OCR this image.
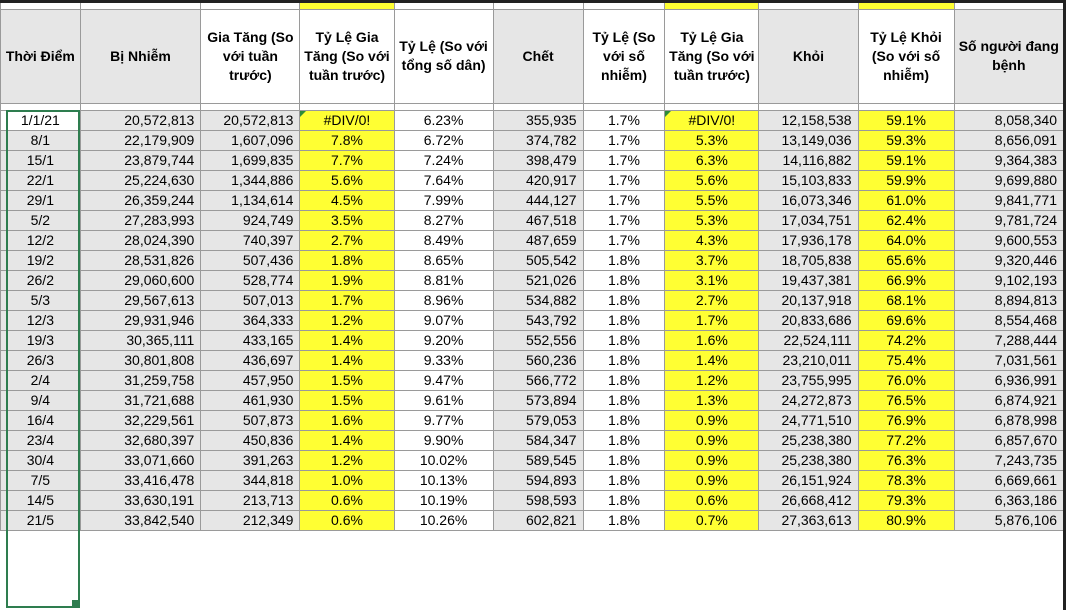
Thời Điểm	Bị Nhiễm	Gia Tăng (So với tuần trước)	Tỷ Lệ Gia Tăng (So với tuần trước)	Tỷ Lệ (So với tổng số dân)	Chết	Tỷ Lệ (So với số nhiễm)	Tỷ Lệ Gia Tăng (So với tuần trước)	Khỏi	Tỷ Lệ Khỏi (So với số nhiễm)	Số người đang bệnh

1/1/21	20,572,813	20,572,813	#DIV/0!	6.23%	355,935	1.7%	#DIV/0!	12,158,538	59.1%	8,058,340
8/1	22,179,909	1,607,096	7.8%	6.72%	374,782	1.7%	5.3%	13,149,036	59.3%	8,656,091
15/1	23,879,744	1,699,835	7.7%	7.24%	398,479	1.7%	6.3%	14,116,882	59.1%	9,364,383
22/1	25,224,630	1,344,886	5.6%	7.64%	420,917	1.7%	5.6%	15,103,833	59.9%	9,699,880
29/1	26,359,244	1,134,614	4.5%	7.99%	444,127	1.7%	5.5%	16,073,346	61.0%	9,841,771
5/2	27,283,993	924,749	3.5%	8.27%	467,518	1.7%	5.3%	17,034,751	62.4%	9,781,724
12/2	28,024,390	740,397	2.7%	8.49%	487,659	1.7%	4.3%	17,936,178	64.0%	9,600,553
19/2	28,531,826	507,436	1.8%	8.65%	505,542	1.8%	3.7%	18,705,838	65.6%	9,320,446
26/2	29,060,600	528,774	1.9%	8.81%	521,026	1.8%	3.1%	19,437,381	66.9%	9,102,193
5/3	29,567,613	507,013	1.7%	8.96%	534,882	1.8%	2.7%	20,137,918	68.1%	8,894,813
12/3	29,931,946	364,333	1.2%	9.07%	543,792	1.8%	1.7%	20,833,686	69.6%	8,554,468
19/3	30,365,111	433,165	1.4%	9.20%	552,556	1.8%	1.6%	22,524,111	74.2%	7,288,444
26/3	30,801,808	436,697	1.4%	9.33%	560,236	1.8%	1.4%	23,210,011	75.4%	7,031,561
2/4	31,259,758	457,950	1.5%	9.47%	566,772	1.8%	1.2%	23,755,995	76.0%	6,936,991
9/4	31,721,688	461,930	1.5%	9.61%	573,894	1.8%	1.3%	24,272,873	76.5%	6,874,921
16/4	32,229,561	507,873	1.6%	9.77%	579,053	1.8%	0.9%	24,771,510	76.9%	6,878,998
23/4	32,680,397	450,836	1.4%	9.90%	584,347	1.8%	0.9%	25,238,380	77.2%	6,857,670
30/4	33,071,660	391,263	1.2%	10.02%	589,545	1.8%	0.9%	25,238,380	76.3%	7,243,735
7/5	33,416,478	344,818	1.0%	10.13%	594,893	1.8%	0.9%	26,151,924	78.3%	6,669,661
14/5	33,630,191	213,713	0.6%	10.19%	598,593	1.8%	0.6%	26,668,412	79.3%	6,363,186
21/5	33,842,540	212,349	0.6%	10.26%	602,821	1.8%	0.7%	27,363,613	80.9%	5,876,106
